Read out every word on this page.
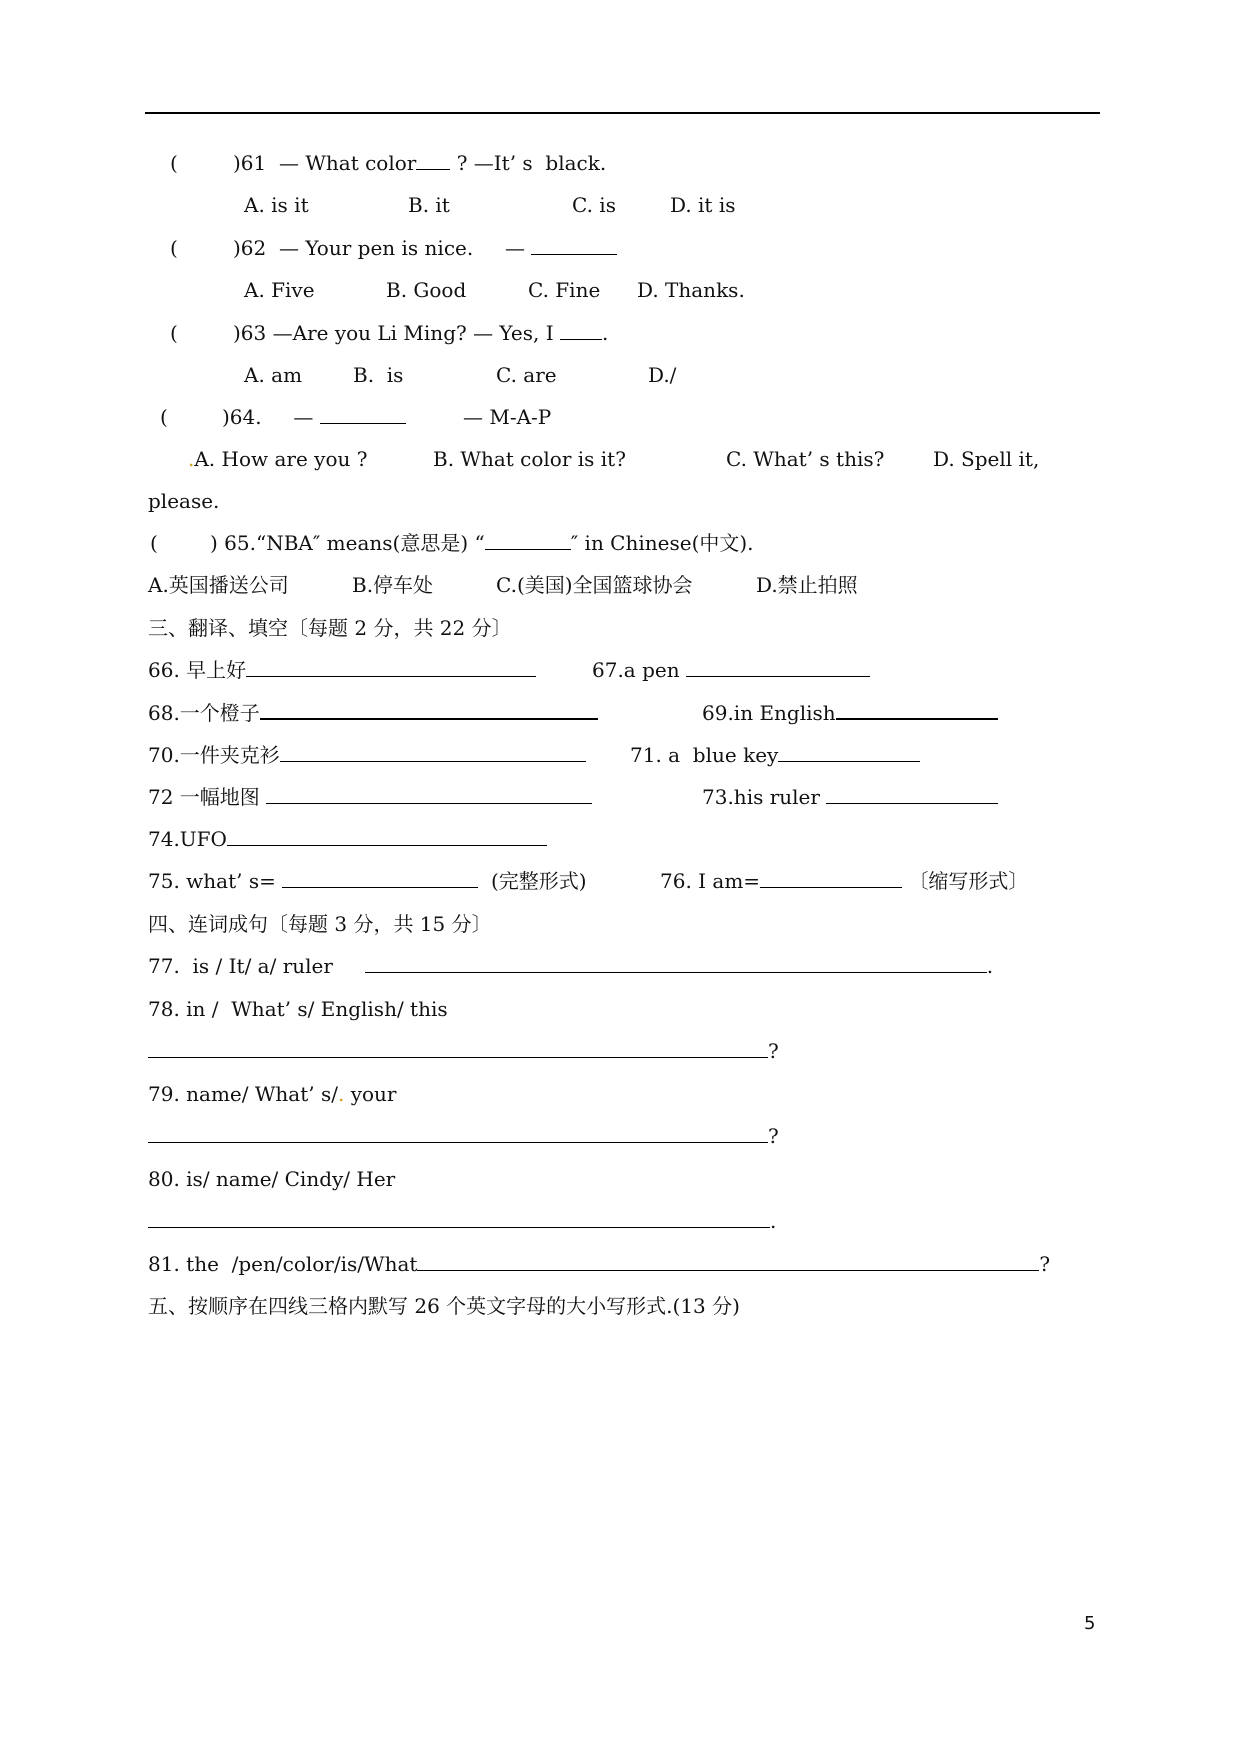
(	)61 — What color ? —It’ s black.
A. is it	B. it	C. is	D. it is
(	)62 — Your pen is nice. —
A. Five	B. Good	C. Fine D. Thanks.
(	)63 —Are you Li Ming? — Yes, I .
A. am	B.  is	C. are	D./
(	)64. —	— M-A-P
.A. How are you ?	B. What color is it?	C. What’ s this? D. Spell it,
please.
(	) 65.“NBA″ means(意思是) “	″ in Chinese(中文).
A.英国播送公司	B.停车处	C.(美国)全国篮球协会	D.禁止拍照
三、翻译、填空〔每题 2 分，共 22 分〕
66. 早上好	67.a pen
68.一个橙子	69.in English
70.一件夹克衫	71. a  blue key
72 一幅地图	73.his ruler
74.UFO
75. what’ s=	(完整形式)	76. I am=	〔缩写形式〕
四、连词成句〔每题 3 分，共 15 分〕
77.  is / It/ a/ ruler	.
78. in /  What’ s/ English/ this
?
79. name/ What’ s/. your
?
80. is/ name/ Cindy/ Her
.
81. the  /pen/color/is/What	?
五、按顺序在四线三格内默写 26 个英文字母的大小写形式.(13 分)
5
